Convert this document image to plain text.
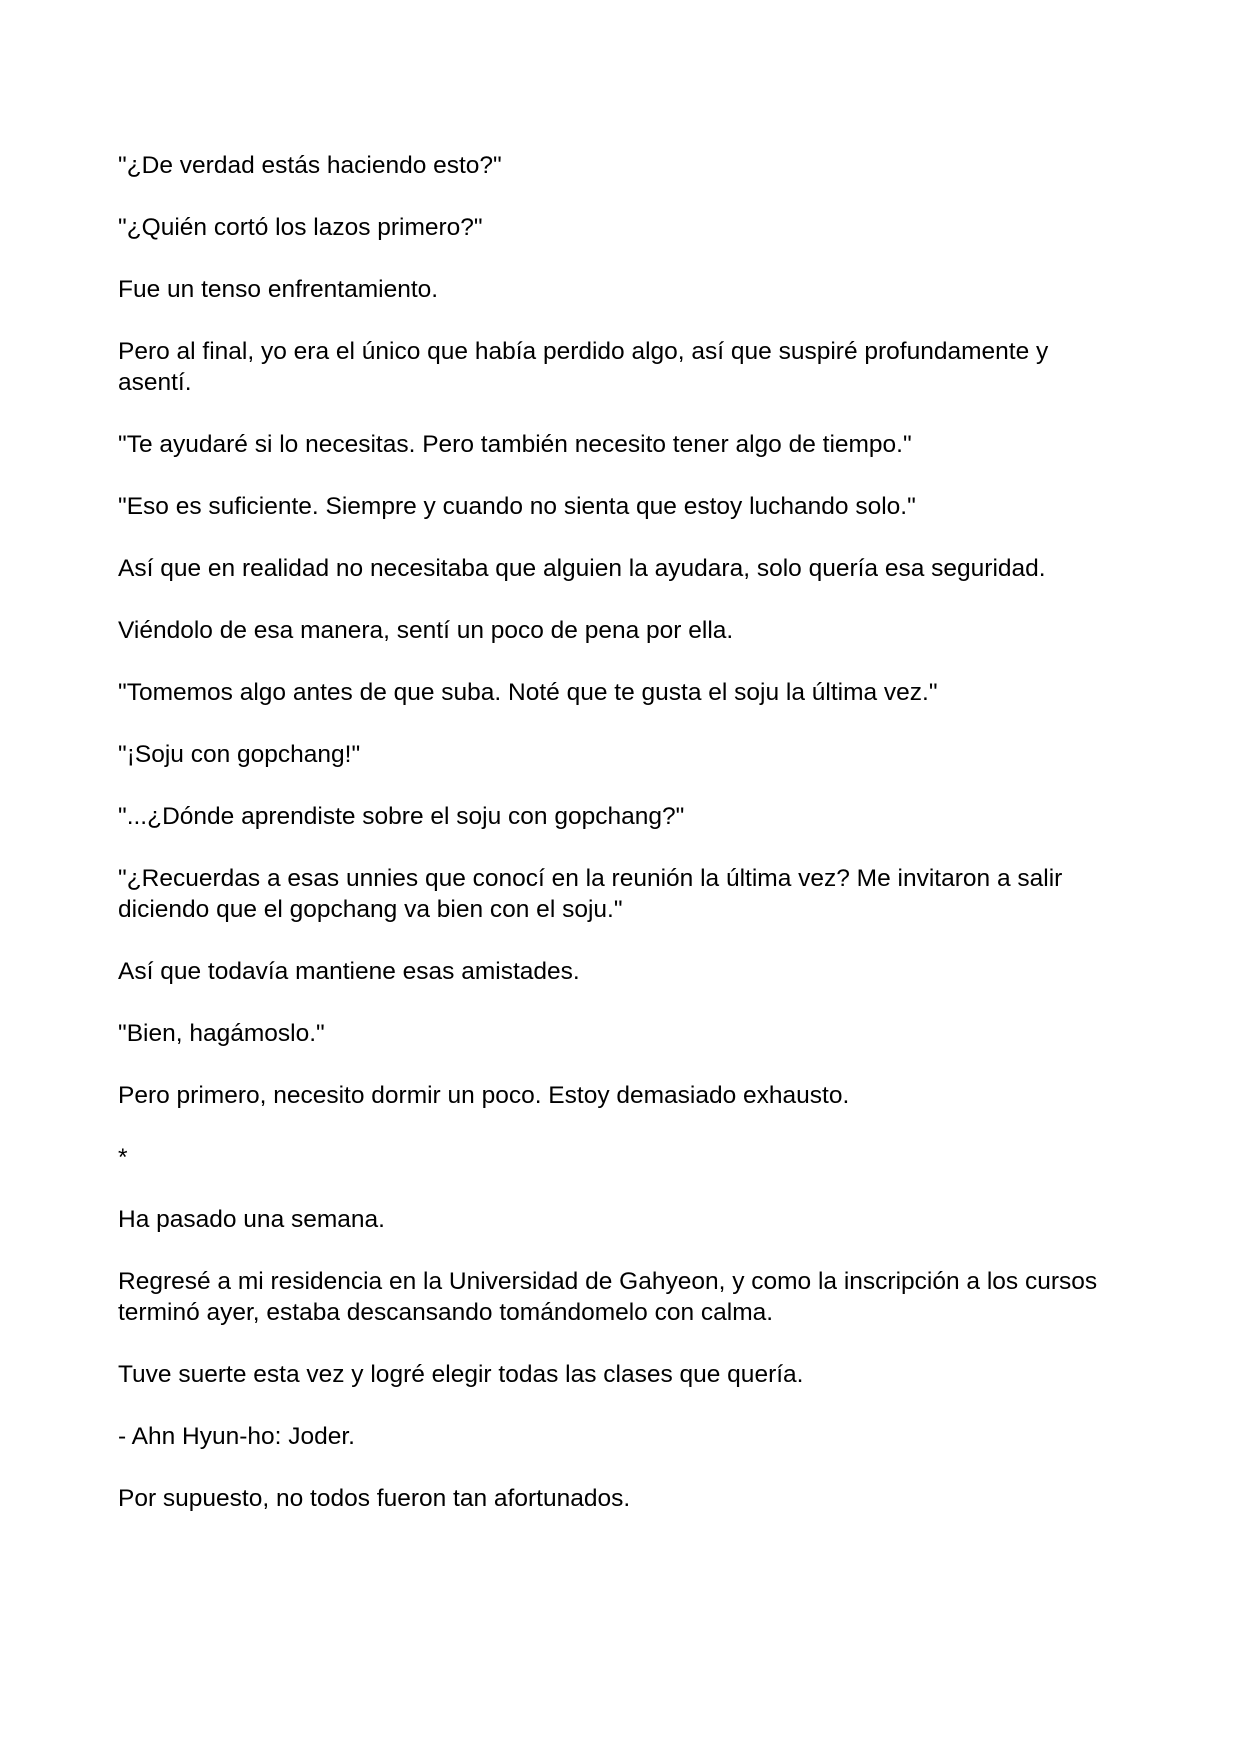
"¿De verdad estás haciendo esto?"

"¿Quién cortó los lazos primero?"

Fue un tenso enfrentamiento.

Pero al final, yo era el único que había perdido algo, así que suspiré profundamente y asentí.

"Te ayudaré si lo necesitas. Pero también necesito tener algo de tiempo."

"Eso es suficiente. Siempre y cuando no sienta que estoy luchando solo."

Así que en realidad no necesitaba que alguien la ayudara, solo quería esa seguridad.

Viéndolo de esa manera, sentí un poco de pena por ella.

"Tomemos algo antes de que suba. Noté que te gusta el soju la última vez."

"¡Soju con gopchang!"

"...¿Dónde aprendiste sobre el soju con gopchang?"

"¿Recuerdas a esas unnies que conocí en la reunión la última vez? Me invitaron a salir diciendo que el gopchang va bien con el soju."

Así que todavía mantiene esas amistades.

"Bien, hagámoslo."

Pero primero, necesito dormir un poco. Estoy demasiado exhausto.

*

Ha pasado una semana.

Regresé a mi residencia en la Universidad de Gahyeon, y como la inscripción a los cursos terminó ayer, estaba descansando tomándomelo con calma.

Tuve suerte esta vez y logré elegir todas las clases que quería.

- Ahn Hyun-ho: Joder.

Por supuesto, no todos fueron tan afortunados.
